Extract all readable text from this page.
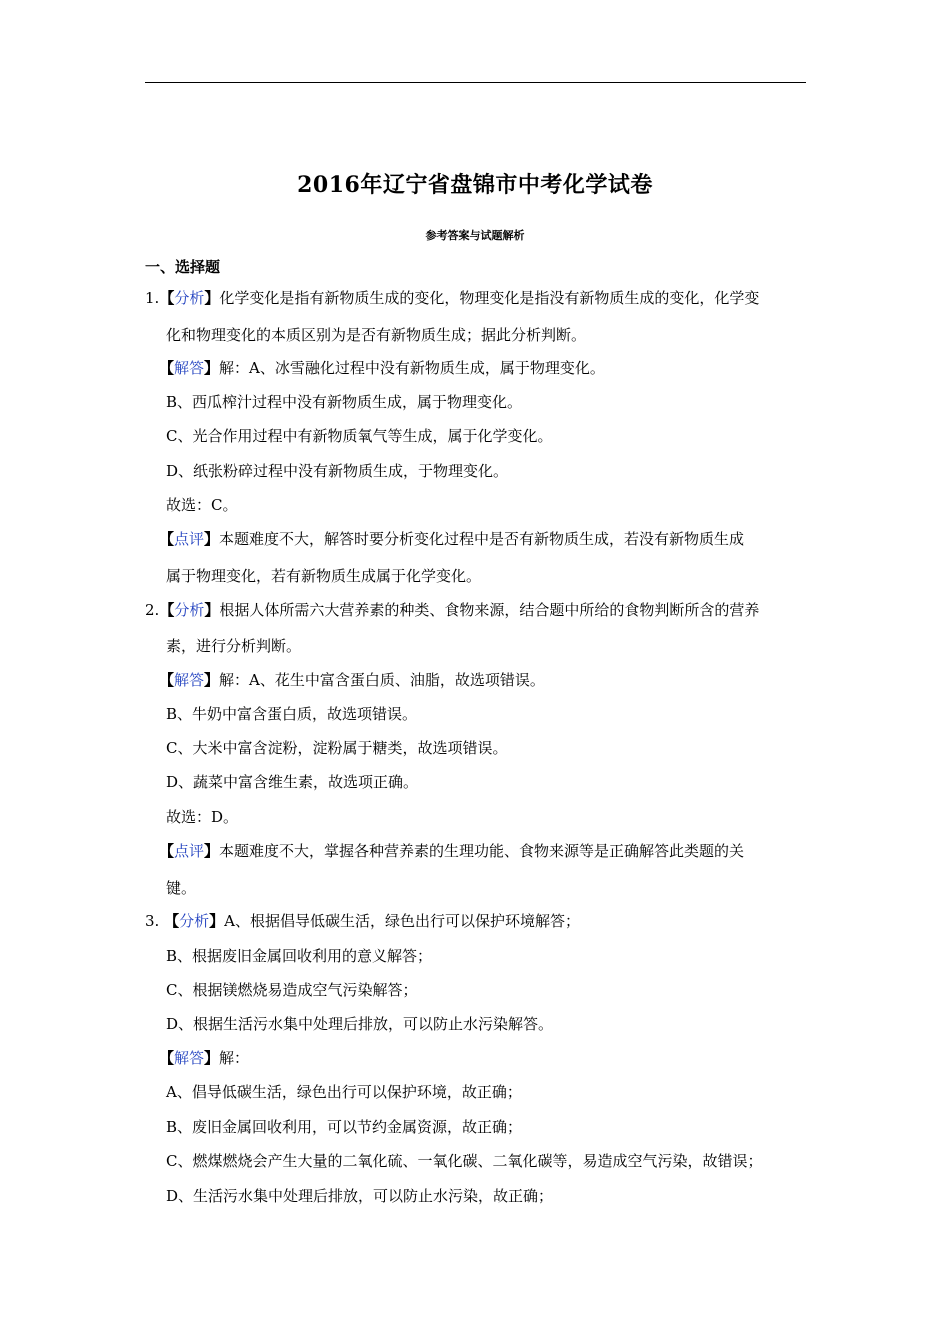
2016年辽宁省盘锦市中考化学试卷
参考答案与试题解析
一、选择题
1.【分析】化学变化是指有新物质生成的变化，物理变化是指没有新物质生成的变化，化学变
化和物理变化的本质区别为是否有新物质生成；据此分析判断。
【解答】解：A、冰雪融化过程中没有新物质生成，属于物理变化。
B、西瓜榨汁过程中没有新物质生成，属于物理变化。
C、光合作用过程中有新物质氧气等生成，属于化学变化。
D、纸张粉碎过程中没有新物质生成，于物理变化。
故选：C。
【点评】本题难度不大，解答时要分析变化过程中是否有新物质生成，若没有新物质生成
属于物理变化，若有新物质生成属于化学变化。
2.【分析】根据人体所需六大营养素的种类、食物来源，结合题中所给的食物判断所含的营养
素，进行分析判断。
【解答】解：A、花生中富含蛋白质、油脂，故选项错误。
B、牛奶中富含蛋白质，故选项错误。
C、大米中富含淀粉，淀粉属于糖类，故选项错误。
D、蔬菜中富含维生素，故选项正确。
故选：D。
【点评】本题难度不大，掌握各种营养素的生理功能、食物来源等是正确解答此类题的关
键。
3. 【分析】A、根据倡导低碳生活，绿色出行可以保护环境解答；
B、根据废旧金属回收利用的意义解答；
C、根据镁燃烧易造成空气污染解答；
D、根据生活污水集中处理后排放，可以防止水污染解答。
【解答】解：
A、倡导低碳生活，绿色出行可以保护环境，故正确；
B、废旧金属回收利用，可以节约金属资源，故正确；
C、燃煤燃烧会产生大量的二氧化硫、一氧化碳、二氧化碳等，易造成空气污染，故错误；
D、生活污水集中处理后排放，可以防止水污染，故正确；
